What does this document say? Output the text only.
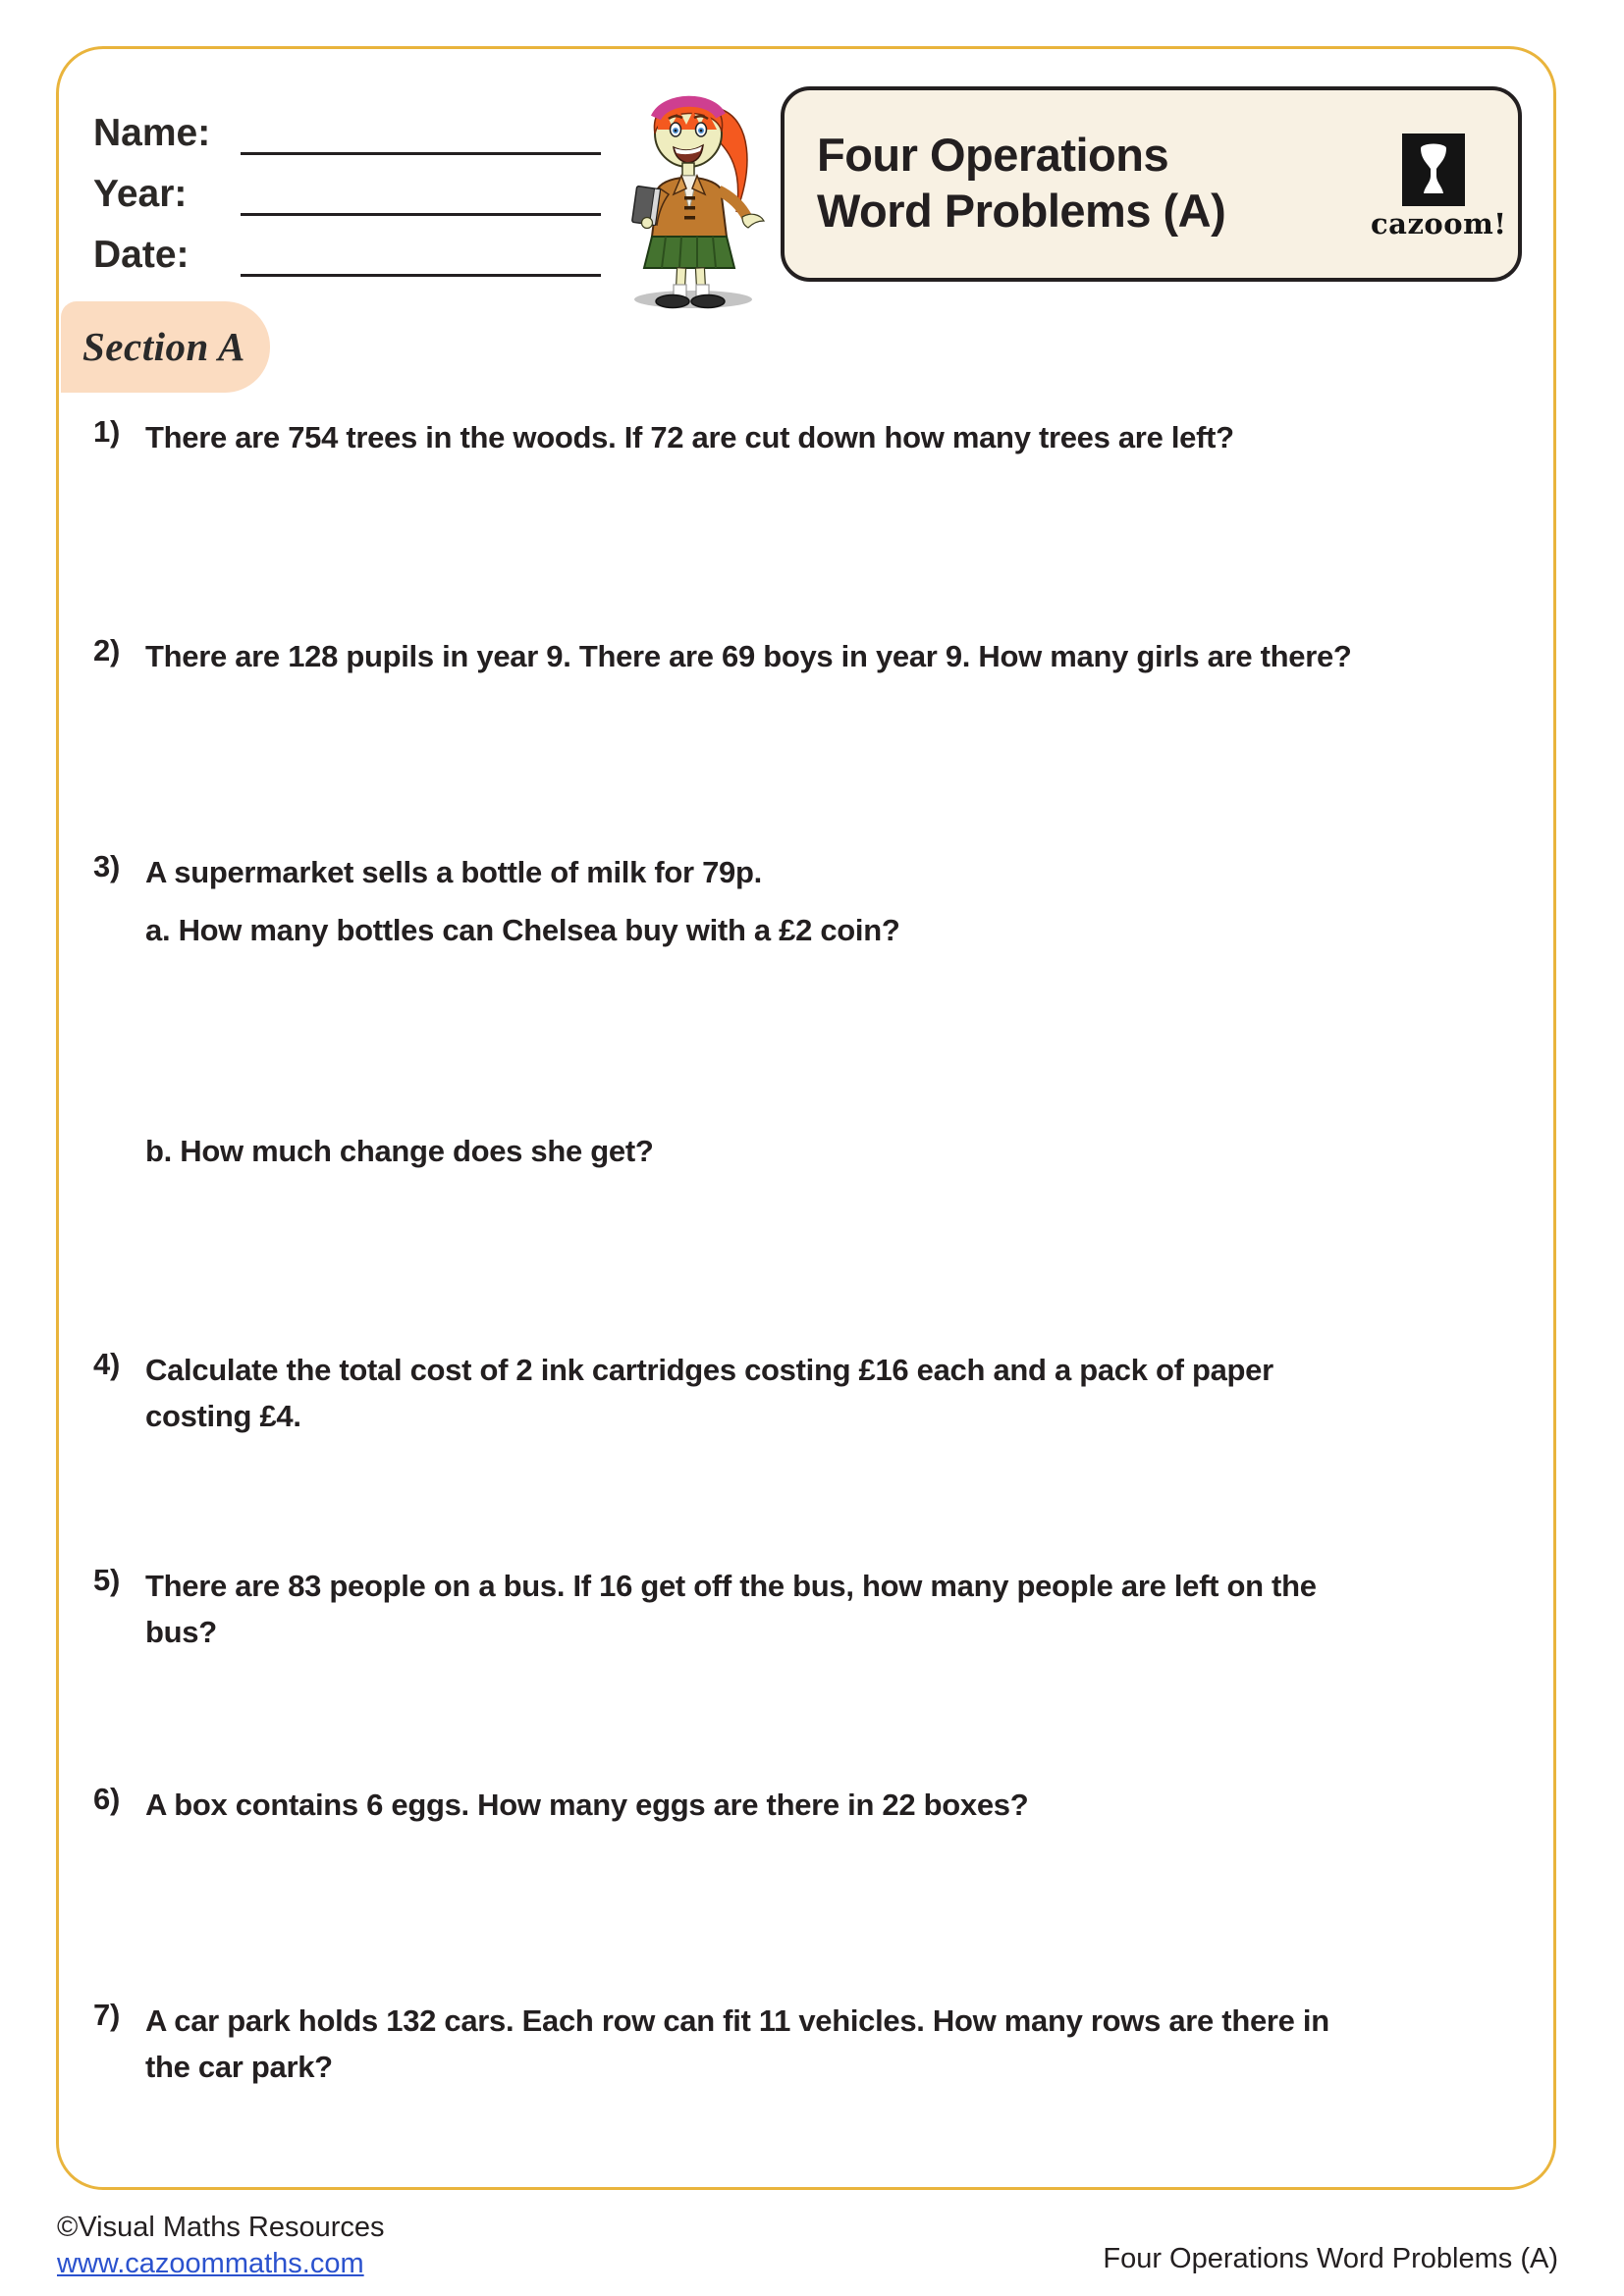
Name:
Year:
Date:
Four Operations
Word Problems (A)	cazoom!
Section A
1) There are 754 trees in the woods. If 72 are cut down how many trees are left?
2) There are 128 pupils in year 9. There are 69 boys in year 9. How many girls are there?
3) A supermarket sells a bottle of milk for 79p.
a. How many bottles can Chelsea buy with a £2 coin?
b. How much change does she get?
4) Calculate the total cost of 2 ink cartridges costing £16 each and a pack of paper
costing £4.
5) There are 83 people on a bus. If 16 get off the bus, how many people are left on the
bus?
6) A box contains 6 eggs. How many eggs are there in 22 boxes?
7) A car park holds 132 cars. Each row can fit 11 vehicles. How many rows are there in
the car park?
©Visual Maths Resources
www.cazoommaths.com	Four Operations Word Problems (A)
